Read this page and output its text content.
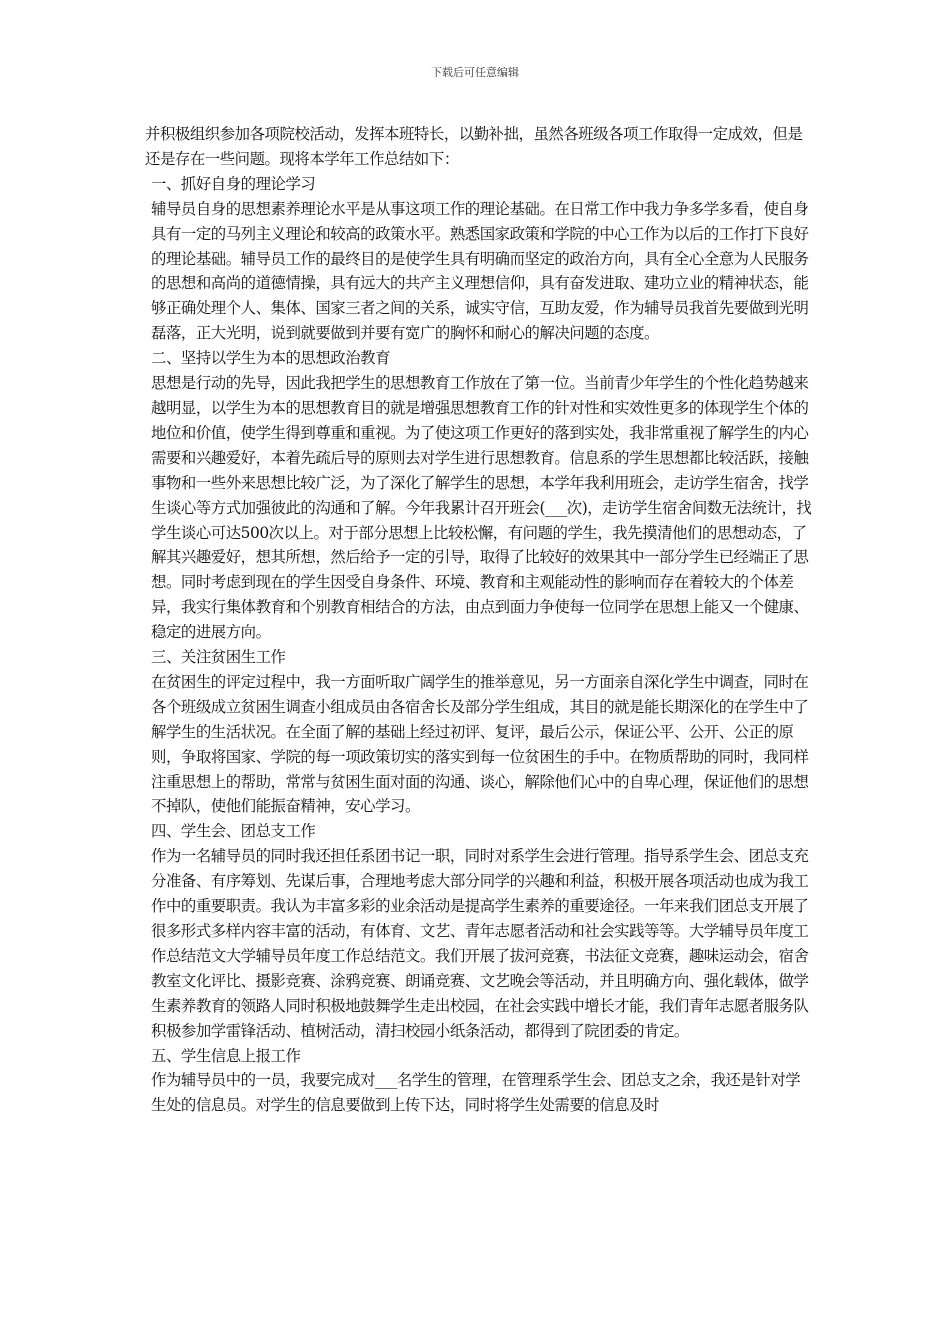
下载后可任意编辑

并积极组织参加各项院校活动，发挥本班特长，以勤补拙，虽然各班级各项工作取得一定成效，但是还是存在一些问题。现将本学年工作总结如下：

一、抓好自身的理论学习

辅导员自身的思想素养理论水平是从事这项工作的理论基础。在日常工作中我力争多学多看，使自身具有一定的马列主义理论和较高的政策水平。熟悉国家政策和学院的中心工作为以后的工作打下良好的理论基础。辅导员工作的最终目的是使学生具有明确而坚定的政治方向，具有全心全意为人民服务的思想和高尚的道德情操，具有远大的共产主义理想信仰，具有奋发进取、建功立业的精神状态，能够正确处理个人、集体、国家三者之间的关系，诚实守信，互助友爱，作为辅导员我首先要做到光明磊落，正大光明，说到就要做到并要有宽广的胸怀和耐心的解决问题的态度。

二、坚持以学生为本的思想政治教育

思想是行动的先导，因此我把学生的思想教育工作放在了第一位。当前青少年学生的个性化趋势越来越明显，以学生为本的思想教育目的就是增强思想教育工作的针对性和实效性更多的体现学生个体的地位和价值，使学生得到尊重和重视。为了使这项工作更好的落到实处，我非常重视了解学生的内心需要和兴趣爱好，本着先疏后导的原则去对学生进行思想教育。信息系的学生思想都比较活跃，接触事物和一些外来思想比较广泛，为了深化了解学生的思想，本学年我利用班会，走访学生宿舍，找学生谈心等方式加强彼此的沟通和了解。今年我累计召开班会(___次)，走访学生宿舍间数无法统计，找学生谈心可达500次以上。对于部分思想上比较松懈，有问题的学生，我先摸清他们的思想动态，了解其兴趣爱好，想其所想，然后给予一定的引导，取得了比较好的效果其中一部分学生已经端正了思想。同时考虑到现在的学生因受自身条件、环境、教育和主观能动性的影响而存在着较大的个体差异，我实行集体教育和个别教育相结合的方法，由点到面力争使每一位同学在思想上能又一个健康、稳定的进展方向。

三、关注贫困生工作

在贫困生的评定过程中，我一方面听取广阔学生的推举意见，另一方面亲自深化学生中调查，同时在各个班级成立贫困生调查小组成员由各宿舍长及部分学生组成，其目的就是能长期深化的在学生中了解学生的生活状况。在全面了解的基础上经过初评、复评，最后公示，保证公平、公开、公正的原则，争取将国家、学院的每一项政策切实的落实到每一位贫困生的手中。在物质帮助的同时，我同样注重思想上的帮助，常常与贫困生面对面的沟通、谈心，解除他们心中的自卑心理，保证他们的思想不掉队，使他们能振奋精神，安心学习。

四、学生会、团总支工作

作为一名辅导员的同时我还担任系团书记一职，同时对系学生会进行管理。指导系学生会、团总支充分准备、有序筹划、先谋后事，合理地考虑大部分同学的兴趣和利益，积极开展各项活动也成为我工作中的重要职责。我认为丰富多彩的业余活动是提高学生素养的重要途径。一年来我们团总支开展了很多形式多样内容丰富的活动，有体育、文艺、青年志愿者活动和社会实践等等。大学辅导员年度工作总结范文大学辅导员年度工作总结范文。我们开展了拔河竞赛，书法征文竞赛，趣味运动会，宿舍教室文化评比、摄影竞赛、涂鸦竞赛、朗诵竞赛、文艺晚会等活动，并且明确方向、强化载体，做学生素养教育的领路人同时积极地鼓舞学生走出校园，在社会实践中增长才能，我们青年志愿者服务队积极参加学雷锋活动、植树活动，清扫校园小纸条活动，都得到了院团委的肯定。

五、学生信息上报工作

作为辅导员中的一员，我要完成对___名学生的管理，在管理系学生会、团总支之余，我还是针对学生处的信息员。对学生的信息要做到上传下达，同时将学生处需要的信息及时
